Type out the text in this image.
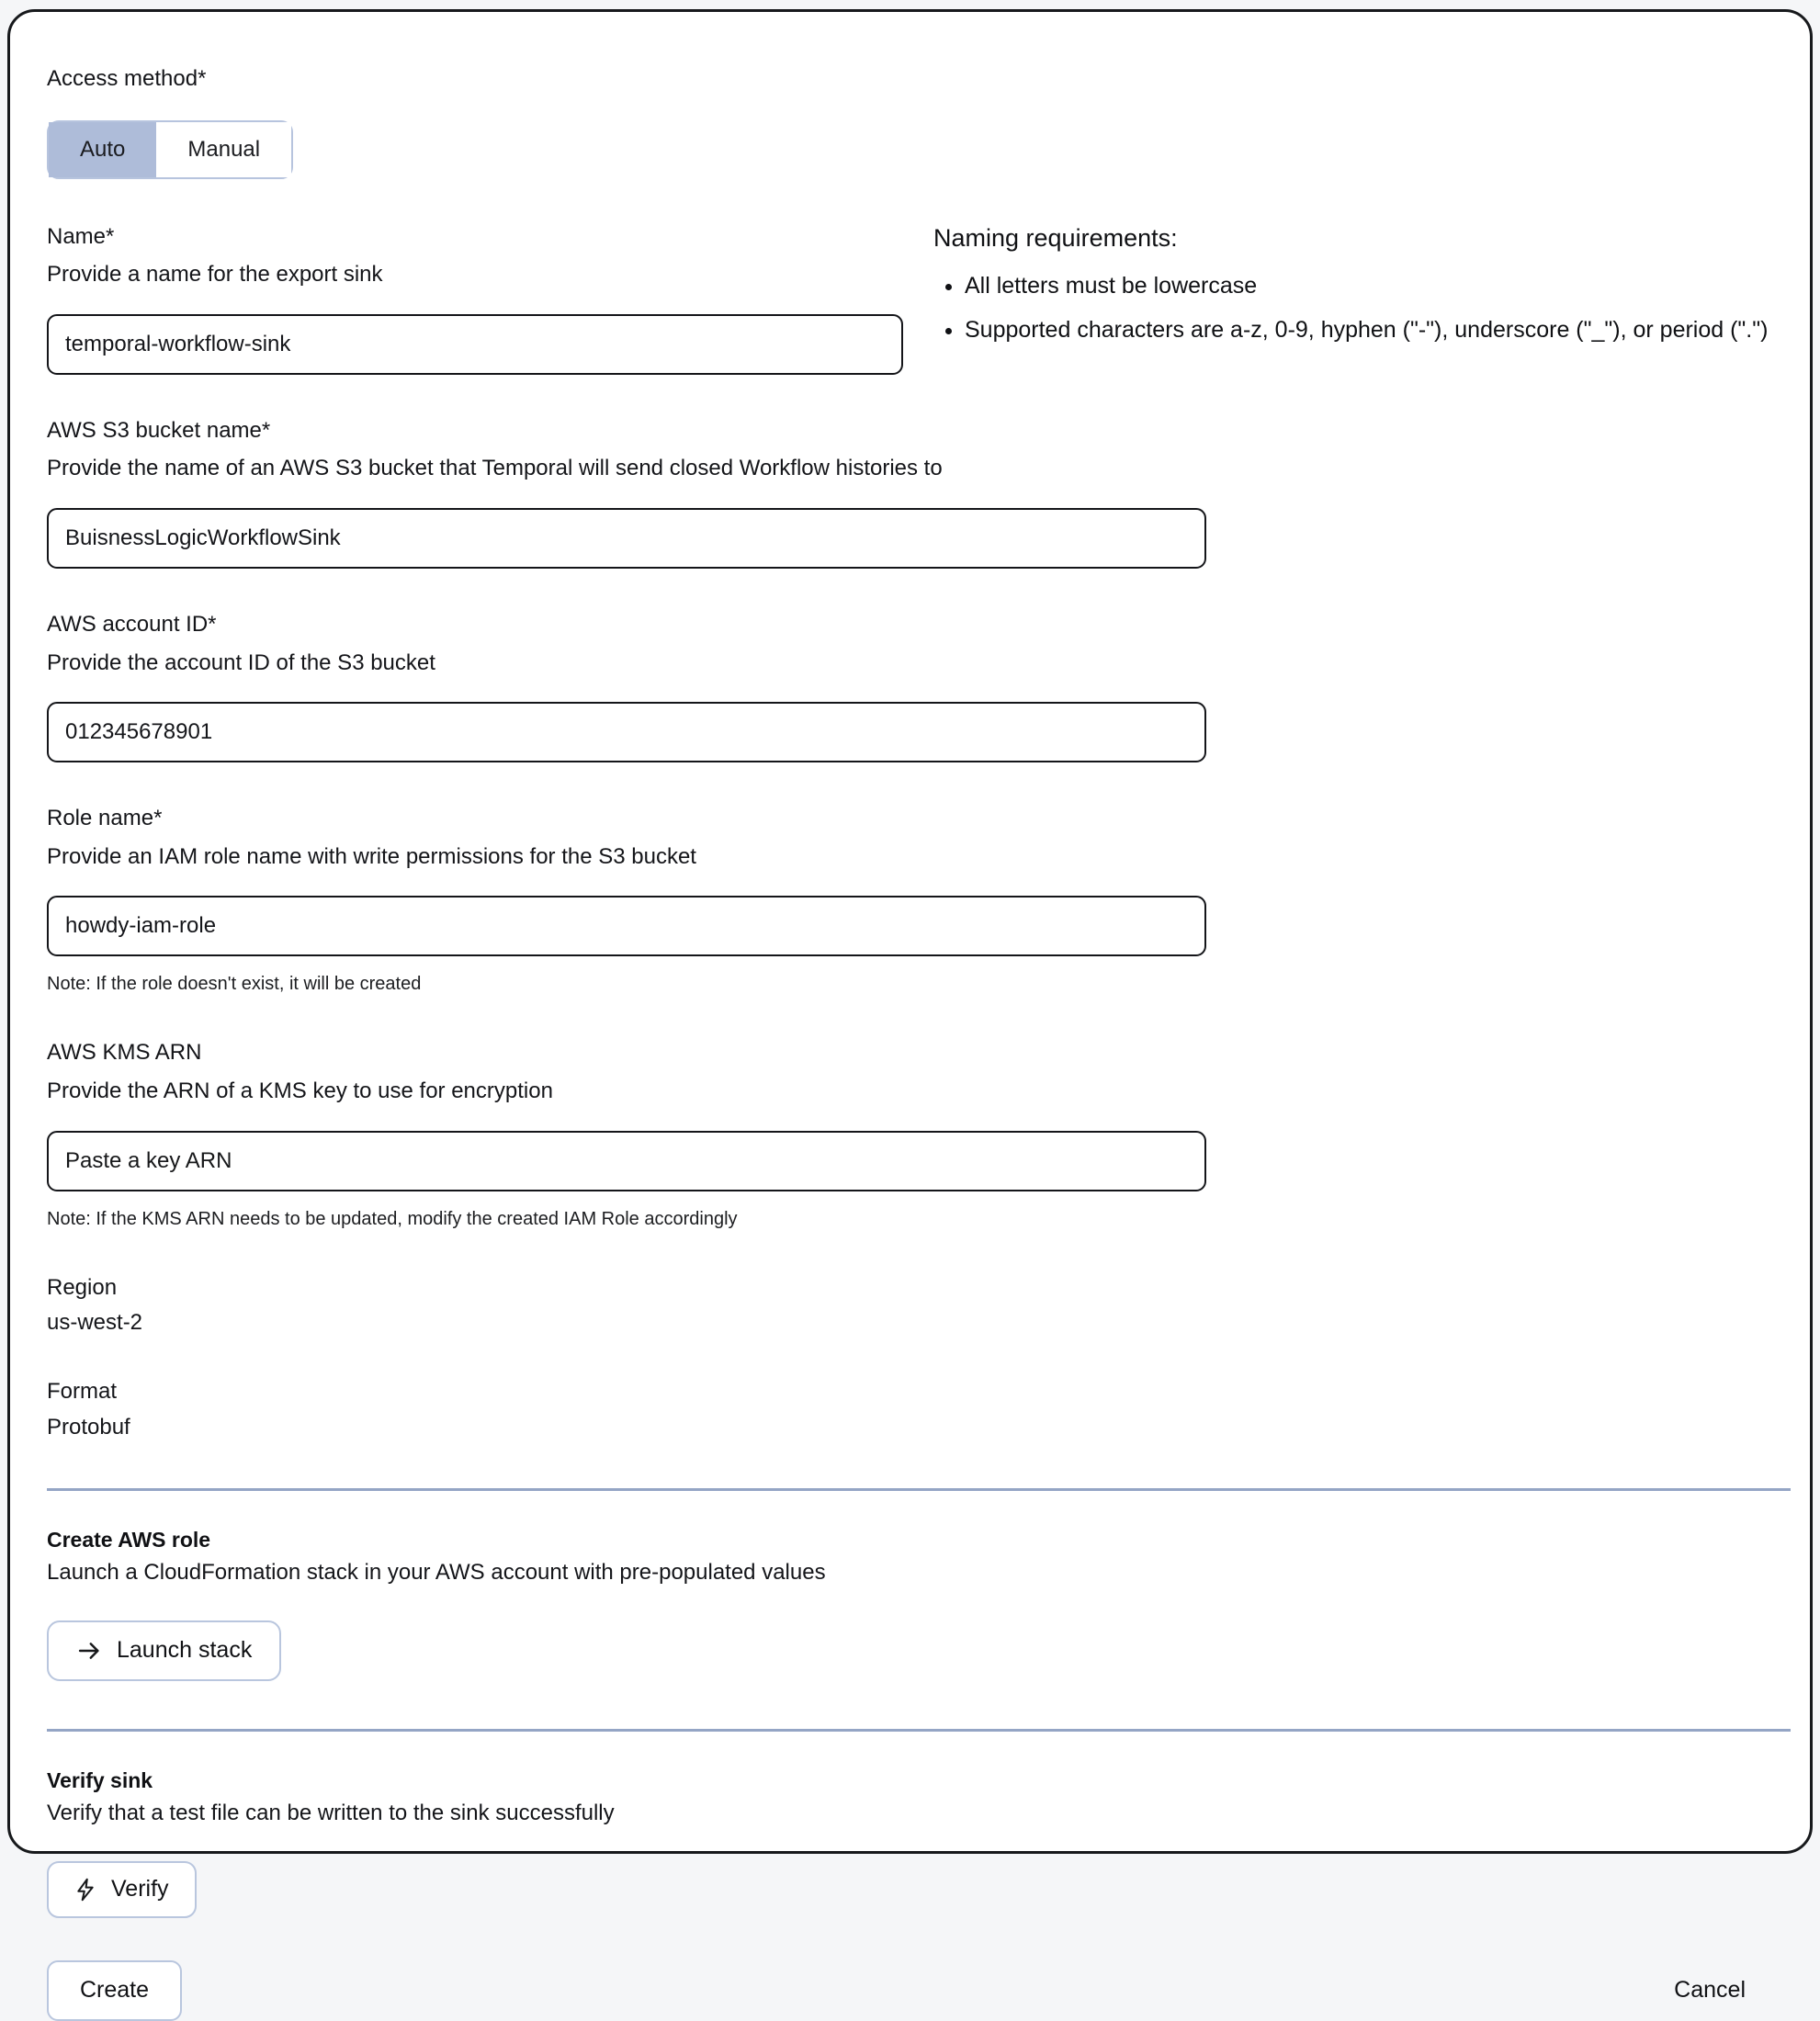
Access method*
Auto	Manual
Name*
Provide a name for the export sink
temporal-workflow-sink
Naming requirements:
• All letters must be lowercase
• Supported characters are a-z, 0-9, hyphen ("-"), underscore ("_"), or period (".")
AWS S3 bucket name*
Provide the name of an AWS S3 bucket that Temporal will send closed Workflow histories to
BuisnessLogicWorkflowSink
AWS account ID*
Provide the account ID of the S3 bucket
012345678901
Role name*
Provide an IAM role name with write permissions for the S3 bucket
howdy-iam-role
Note: If the role doesn't exist, it will be created
AWS KMS ARN
Provide the ARN of a KMS key to use for encryption
Paste a key ARN
Note: If the KMS ARN needs to be updated, modify the created IAM Role accordingly
Region
us-west-2
Format
Protobuf
Create AWS role
Launch a CloudFormation stack in your AWS account with pre-populated values
Launch stack
Verify sink
Verify that a test file can be written to the sink successfully
Verify
Create	Cancel
